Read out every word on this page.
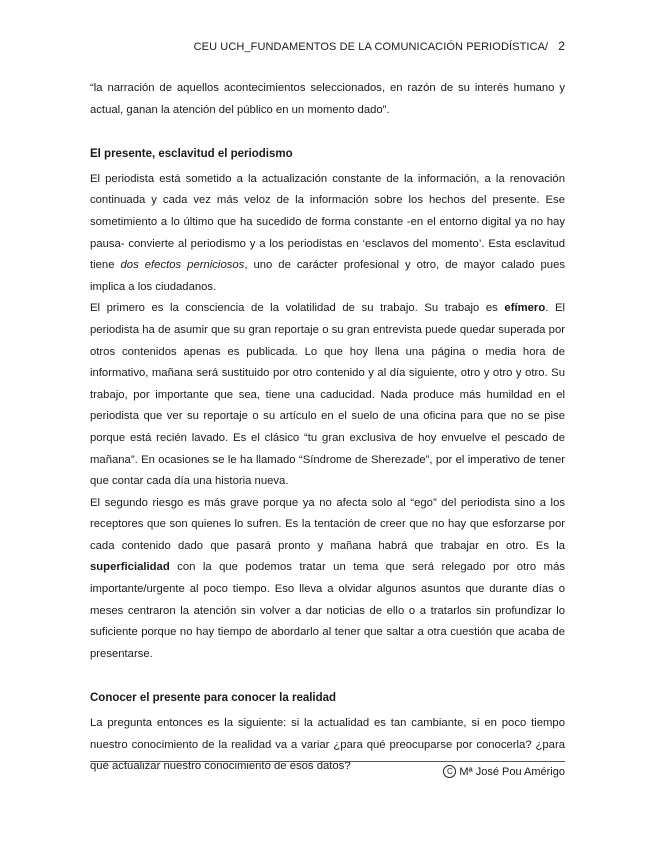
CEU UCH_FUNDAMENTOS DE LA COMUNICACIÓN PERIODÍSTICA/ 2

“la narración de aquellos acontecimientos seleccionados, en razón de su interés humano y actual, ganan la atención del público en un momento dado”.

El presente, esclavitud el periodismo

El periodista está sometido a la actualización constante de la información, a la renovación continuada y cada vez más veloz de la información sobre los hechos del presente. Ese sometimiento a lo último que ha sucedido de forma constante -en el entorno digital ya no hay pausa- convierte al periodismo y a los periodistas en ‘esclavos del momento’. Esta esclavitud tiene dos efectos perniciosos, uno de carácter profesional y otro, de mayor calado pues implica a los ciudadanos.

El primero es la consciencia de la volatilidad de su trabajo. Su trabajo es efímero. El periodista ha de asumir que su gran reportaje o su gran entrevista puede quedar superada por otros contenidos apenas es publicada. Lo que hoy llena una página o media hora de informativo, mañana será sustituido por otro contenido y al día siguiente, otro y otro y otro. Su trabajo, por importante que sea, tiene una caducidad. Nada produce más humildad en el periodista que ver su reportaje o su artículo en el suelo de una oficina para que no se pise porque está recién lavado. Es el clásico “tu gran exclusiva de hoy envuelve el pescado de mañana”. En ocasiones se le ha llamado “Síndrome de Sherezade”, por el imperativo de tener que contar cada día una historia nueva.

El segundo riesgo es más grave porque ya no afecta solo al “ego” del periodista sino a los receptores que son quienes lo sufren. Es la tentación de creer que no hay que esforzarse por cada contenido dado que pasará pronto y mañana habrá que trabajar en otro. Es la superficialidad con la que podemos tratar un tema que será relegado por otro más importante/urgente al poco tiempo. Eso lleva a olvidar algunos asuntos que durante días o meses centraron la atención sin volver a dar noticias de ello o a tratarlos sin profundizar lo suficiente porque no hay tiempo de abordarlo al tener que saltar a otra cuestión que acaba de presentarse.

Conocer el presente para conocer la realidad

La pregunta entonces es la siguiente: si la actualidad es tan cambiante, si en poco tiempo nuestro conocimiento de la realidad va a variar ¿para qué preocuparse por conocerla? ¿para qué actualizar nuestro conocimiento de esos datos?	C Mª José Pou Amérigo
